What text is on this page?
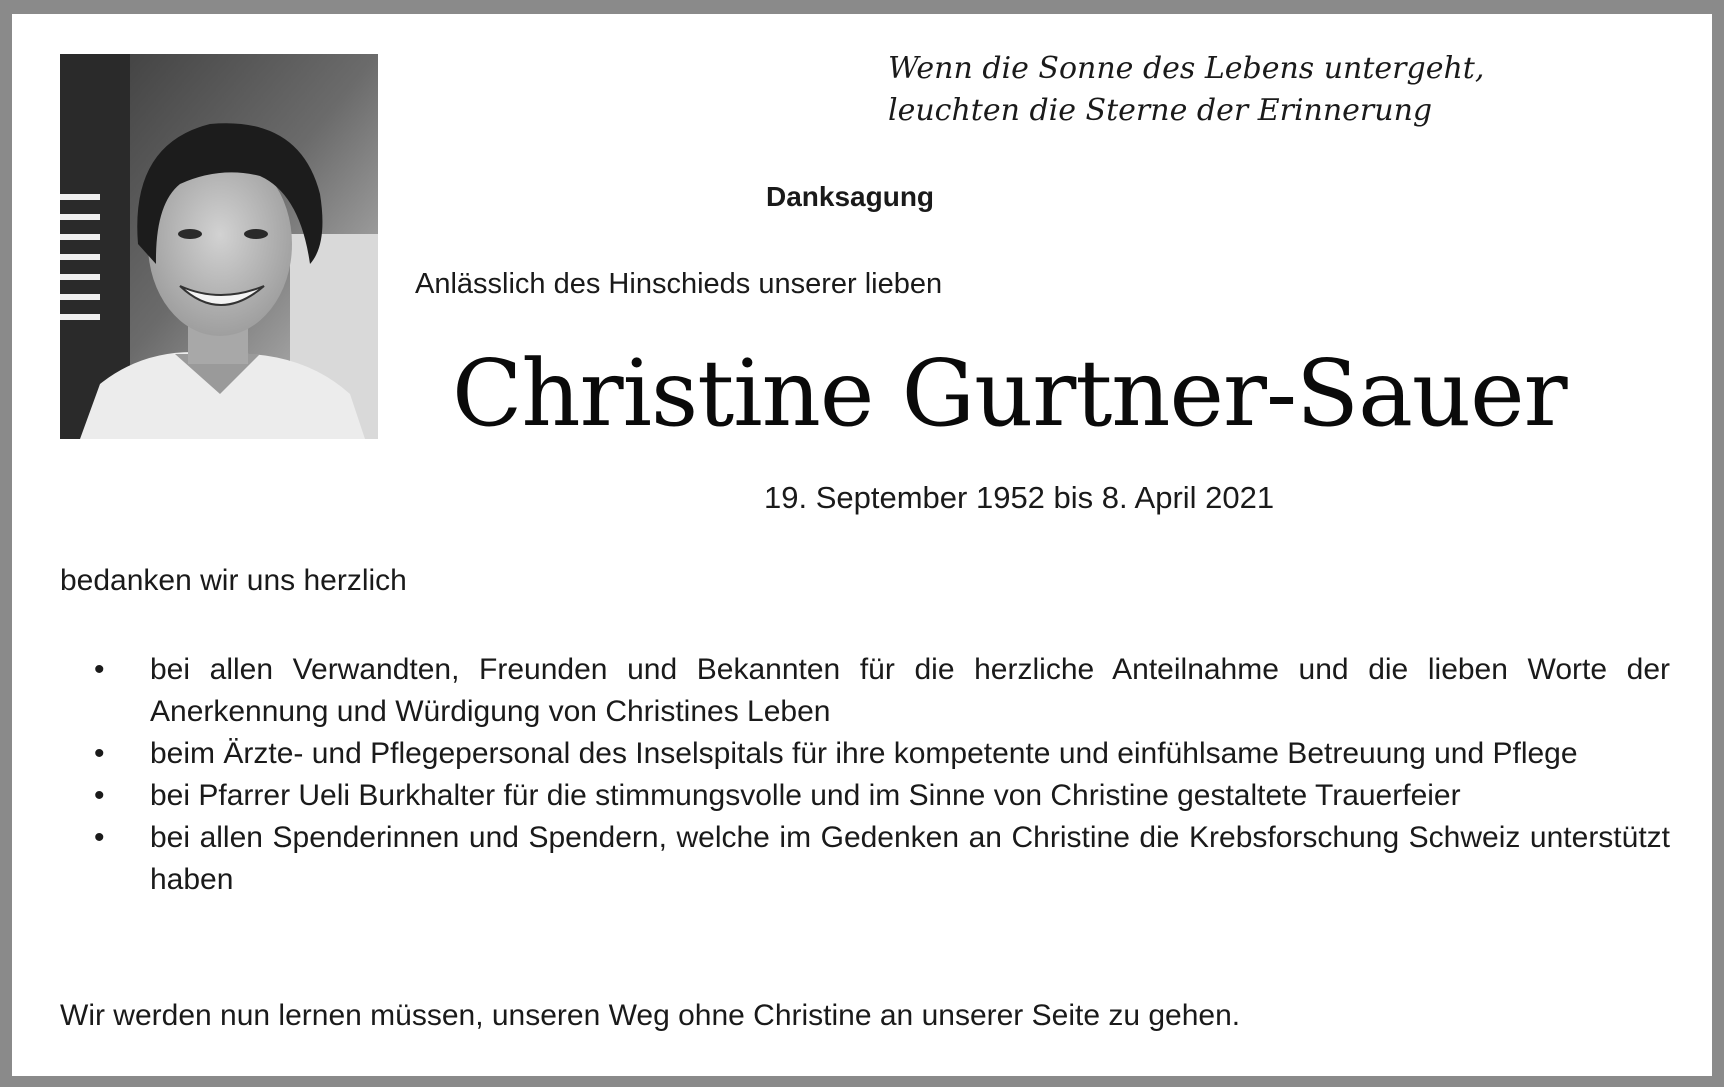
Wenn die Sonne des Lebens untergeht,
leuchten die Sterne der Erinnerung
Danksagung
Anlässlich des Hinschieds unserer lieben
Christine Gurtner-Sauer
19. September 1952 bis 8. April 2021
bedanken wir uns herzlich
• bei allen Verwandten, Freunden und Bekannten für die herzliche Anteilnahme und die lieben Worte der Anerkennung und Würdigung von Christines Leben
• beim Ärzte- und Pflegepersonal des Inselspitals für ihre kompetente und einfühlsame Betreuung und Pflege
• bei Pfarrer Ueli Burkhalter für die stimmungsvolle und im Sinne von Christine gestaltete Trauerfeier
• bei allen Spenderinnen und Spendern, welche im Gedenken an Christine die Krebsforschung Schweiz unterstützt haben
Wir werden nun lernen müssen, unseren Weg ohne Christine an unserer Seite zu gehen.
